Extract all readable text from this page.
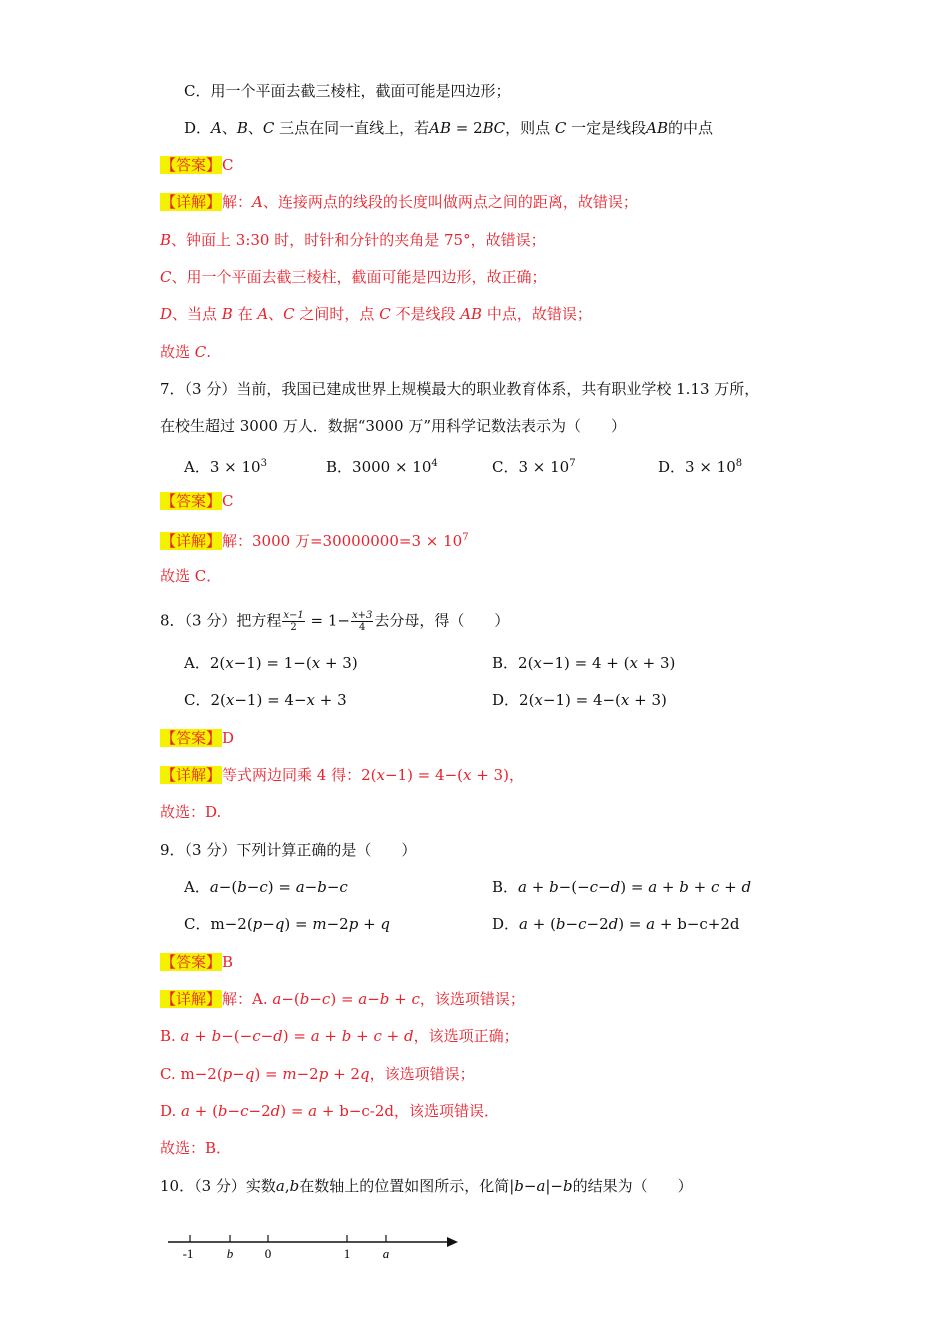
C．用一个平面去截三棱柱，截面可能是四边形；
D．𝐴、𝐵、𝐶 三点在同一直线上，若𝐴𝐵 = 2𝐵𝐶，则点 𝐶 一定是线段𝐴𝐵的中点
【答案】C
【详解】解：𝐴、连接两点的线段的长度叫做两点之间的距离，故错误；
𝐵、钟面上 3:30 时，时针和分针的夹角是 75°，故错误；
𝐶、用一个平面去截三棱柱，截面可能是四边形，故正确；
𝐷、当点 𝐵 在 𝐴、𝐶 之间时，点 𝐶 不是线段 𝐴𝐵 中点，故错误；
故选 𝐶.
7．（3 分）当前，我国已建成世界上规模最大的职业教育体系，共有职业学校 1.13 万所，
在校生超过 3000 万人．数据“3000 万”用科学记数法表示为（　　）
A．$3 \times 10^3$	B．$3000 \times 10^4$	C．$3 \times 10^7$	D．$3 \times 10^8$
【答案】C
【详解】解：3000 万$=30000000=3 \times 10^7$
故选 C．
8．（3 分）把方程 $\frac{\text{𝑥−1}}{2} = 1- \frac{\text{𝑥+3}}{4}$ 去分母，得（　　）
A．2(𝑥−1) = 1−(𝑥 + 3)	B．2(𝑥−1) = 4 + (𝑥 + 3)
C．2(𝑥−1) = 4−𝑥 + 3	D．2(𝑥−1) = 4−(𝑥 + 3)
【答案】D
【详解】等式两边同乘 4 得：2(𝑥−1) = 4−(𝑥 + 3)，
故选：D.
9．（3 分）下列计算正确的是（　　）
A．𝑎−(𝑏−𝑐) = 𝑎−𝑏−𝑐	B．𝑎 + 𝑏−(−𝑐−𝑑) = 𝑎 + 𝑏 + 𝑐 + 𝑑
C．m−2(𝑝−𝑞) = 𝑚−2𝑝 + 𝑞	D．𝑎 + (𝑏−𝑐−2𝑑) = 𝑎 + b−c+2d
【答案】B
【详解】解：A. 𝑎−(𝑏−𝑐) = 𝑎−𝑏 + 𝑐，该选项错误；
B. 𝑎 + 𝑏−(−𝑐−𝑑) = 𝑎 + 𝑏 + 𝑐 + 𝑑，该选项正确；
C. m−2(𝑝−𝑞) = 𝑚−2𝑝 + 2𝑞，该选项错误；
D. 𝑎 + (𝑏−𝑐−2𝑑) = 𝑎 + b−c-2d，该选项错误．
故选：B．
10．（3 分）实数𝑎,𝑏在数轴上的位置如图所示，化简|𝑏−𝑎|−𝑏的结果为（　　）
-1	b 0	1	a
